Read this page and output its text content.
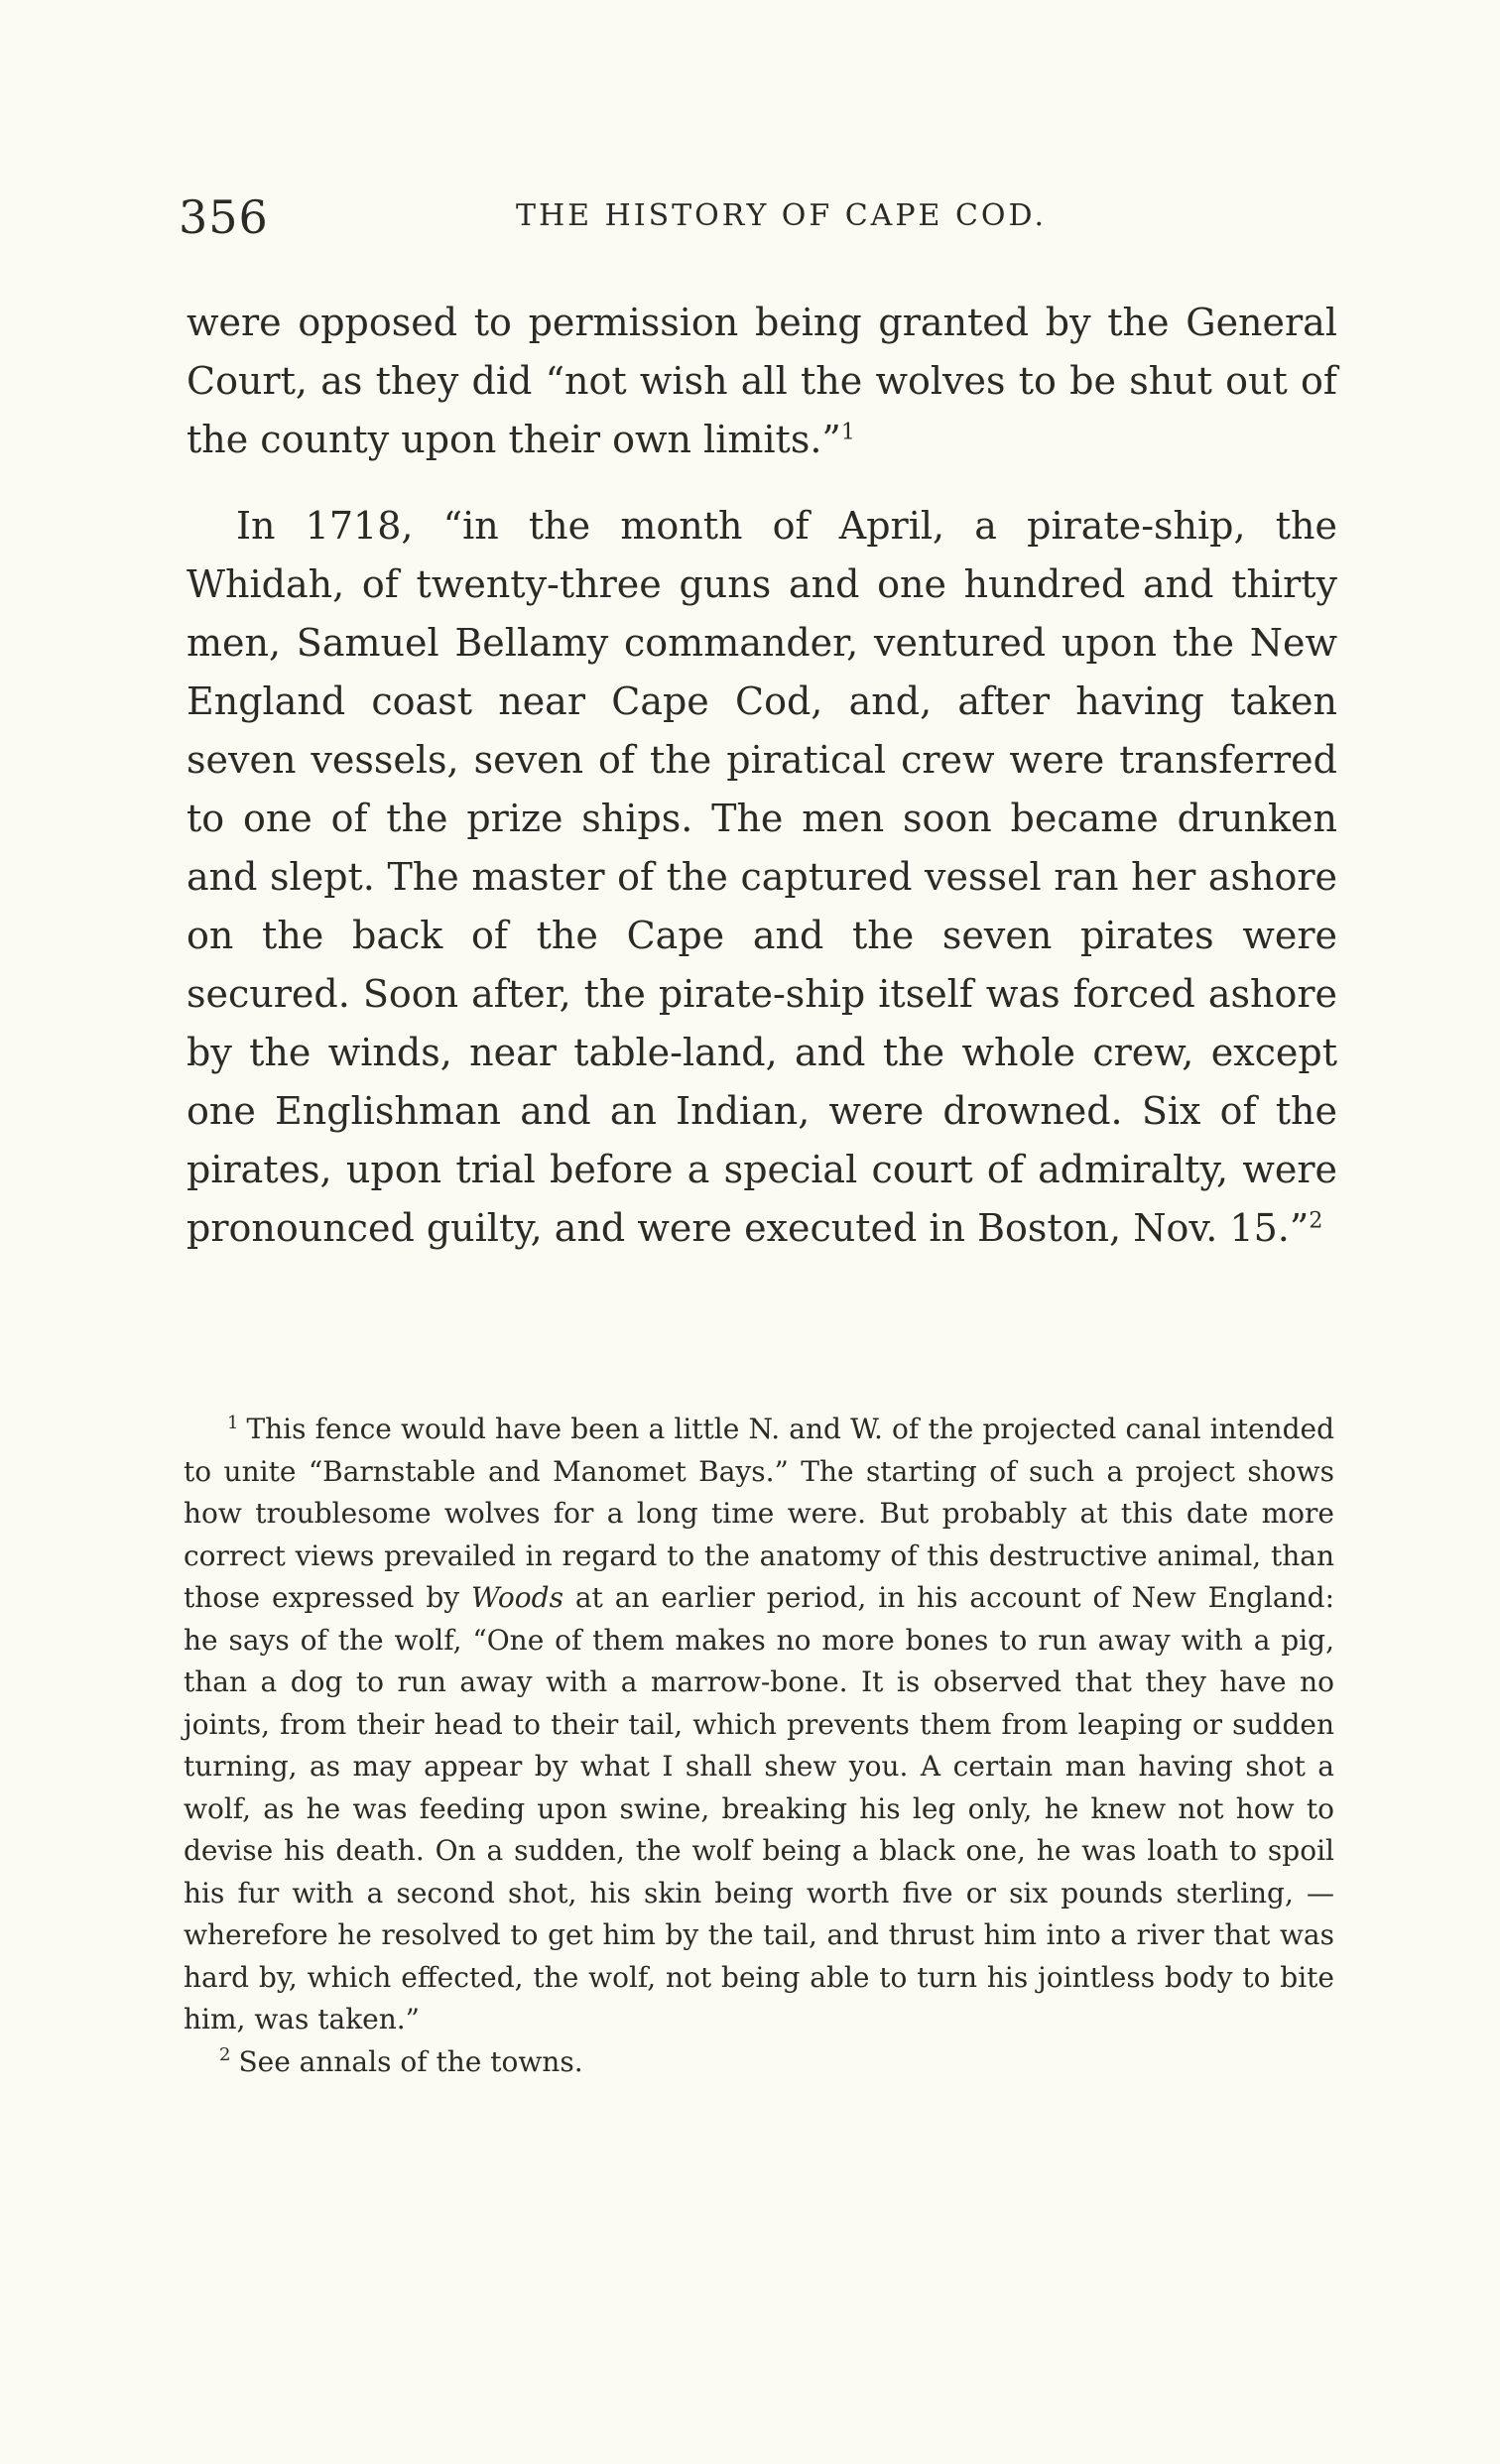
356	THE HISTORY OF CAPE COD.

were opposed to permission being granted by the General Court, as they did “not wish all the wolves to be shut out of the county upon their own limits.”$^1$

In 1718, “in the month of April, a pirate-ship, the Whidah, of twenty-three guns and one hundred and thirty men, Samuel Bellamy commander, ventured upon the New England coast near Cape Cod, and, after having taken seven vessels, seven of the piratical crew were transferred to one of the prize ships. The men soon became drunken and slept. The master of the captured vessel ran her ashore on the back of the Cape and the seven pirates were secured. Soon after, the pirate-ship itself was forced ashore by the winds, near table-land, and the whole crew, except one Englishman and an Indian, were drowned. Six of the pirates, upon trial before a special court of admiralty, were pronounced guilty, and were executed in Boston, Nov. 15.”$^2$

$^1$ This fence would have been a little N. and W. of the projected canal intended to unite “Barnstable and Manomet Bays.” The starting of such a project shows how troublesome wolves for a long time were. But probably at this date more correct views prevailed in regard to the anatomy of this destructive animal, than those expressed by Woods at an earlier period, in his account of New England: he says of the wolf, “One of them makes no more bones to run away with a pig, than a dog to run away with a marrow-bone. It is observed that they have no joints, from their head to their tail, which prevents them from leaping or sudden turning, as may appear by what I shall shew you. A certain man having shot a wolf, as he was feeding upon swine, breaking his leg only, he knew not how to devise his death. On a sudden, the wolf being a black one, he was loath to spoil his fur with a second shot, his skin being worth five or six pounds sterling, — wherefore he resolved to get him by the tail, and thrust him into a river that was hard by, which effected, the wolf, not being able to turn his jointless body to bite him, was taken.”

$^2$ See annals of the towns.
